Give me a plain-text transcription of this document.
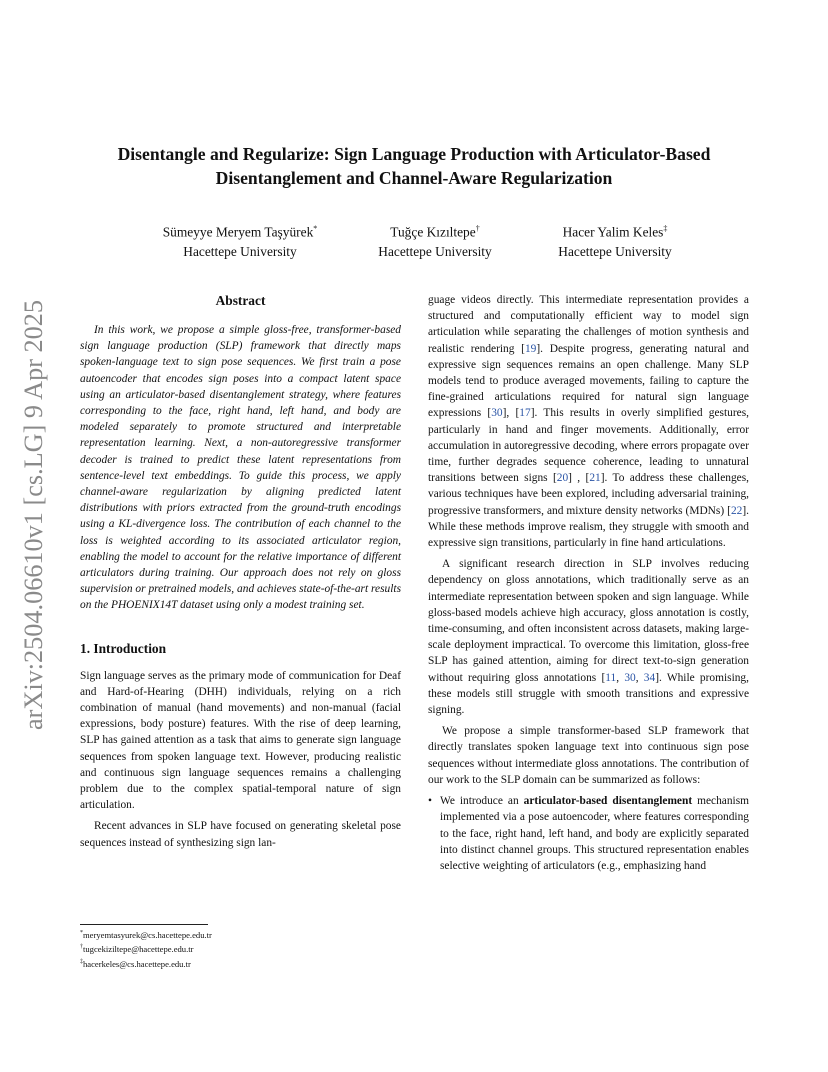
arXiv:2504.06610v1 [cs.LG] 9 Apr 2025
Disentangle and Regularize: Sign Language Production with Articulator-Based
Disentanglement and Channel-Aware Regularization
Sümeyye Meryem Taşyürek*
Hacettepe University
Tuğçe Kızıltepe†
Hacettepe University
Hacer Yalim Keles‡
Hacettepe University
Abstract

In this work, we propose a simple gloss-free, transformer-based sign language production (SLP) framework that directly maps spoken-language text to sign pose sequences. We first train a pose autoencoder that encodes sign poses into a compact latent space using an articulator-based disentanglement strategy, where features corresponding to the face, right hand, left hand, and body are modeled separately to promote structured and interpretable representation learning. Next, a non-autoregressive transformer decoder is trained to predict these latent representations from sentence-level text embeddings. To guide this process, we apply channel-aware regularization by aligning predicted latent distributions with priors extracted from the ground-truth encodings using a KL-divergence loss. The contribution of each channel to the loss is weighted according to its associated articulator region, enabling the model to account for the relative importance of different articulators during training. Our approach does not rely on gloss supervision or pretrained models, and achieves state-of-the-art results on the PHOENIX14T dataset using only a modest training set.

1. Introduction

Sign language serves as the primary mode of communication for Deaf and Hard-of-Hearing (DHH) individuals, relying on a rich combination of manual (hand movements) and non-manual (facial expressions, body posture) features. With the rise of deep learning, SLP has gained attention as a task that aims to generate sign language sequences from spoken language text. However, producing realistic and continuous sign language sequences remains a challenging problem due to the complex spatial-temporal nature of sign articulation.

Recent advances in SLP have focused on generating skeletal pose sequences instead of synthesizing sign lan-

guage videos directly. This intermediate representation provides a structured and computationally efficient way to model sign articulation while separating the challenges of motion synthesis and realistic rendering [19]. Despite progress, generating natural and expressive sign sequences remains an open challenge. Many SLP models tend to produce averaged movements, failing to capture the fine-grained articulations required for natural sign language expressions [30], [17]. This results in overly simplified gestures, particularly in hand and finger movements. Additionally, error accumulation in autoregressive decoding, where errors propagate over time, further degrades sequence coherence, leading to unnatural transitions between signs [20] , [21]. To address these challenges, various techniques have been explored, including adversarial training, progressive transformers, and mixture density networks (MDNs) [22]. While these methods improve realism, they struggle with smooth and expressive sign transitions, particularly in fine hand articulations.

A significant research direction in SLP involves reducing dependency on gloss annotations, which traditionally serve as an intermediate representation between spoken and sign language. While gloss-based models achieve high accuracy, gloss annotation is costly, time-consuming, and often inconsistent across datasets, making large-scale deployment impractical. To overcome this limitation, gloss-free SLP has gained attention, aiming for direct text-to-sign generation without requiring gloss annotations [11, 30, 34]. While promising, these models still struggle with smooth transitions and expressive signing.

We propose a simple transformer-based SLP framework that directly translates spoken language text into continuous sign pose sequences without intermediate gloss annotations. The contribution of our work to the SLP domain can be summarized as follows:

• We introduce an articulator-based disentanglement mechanism implemented via a pose autoencoder, where features corresponding to the face, right hand, left hand, and body are explicitly separated into distinct channel groups. This structured representation enables selective weighting of articulators (e.g., emphasizing hand

*meryemtasyurek@cs.hacettepe.edu.tr
†tugcekiziltepe@hacettepe.edu.tr
‡hacerkeles@cs.hacettepe.edu.tr
